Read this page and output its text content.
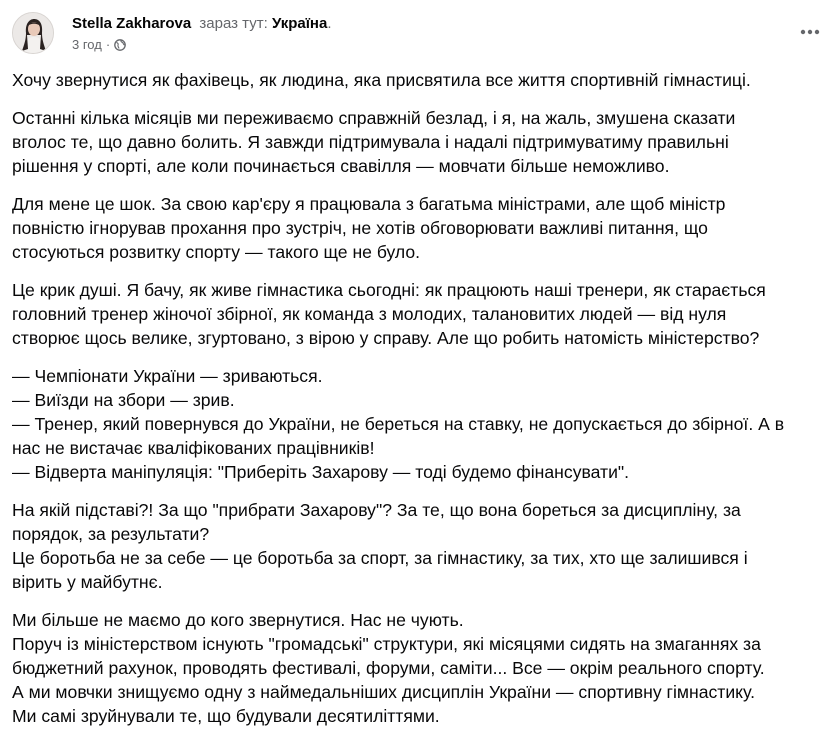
Stella Zakharova зараз тут: Україна.
3 год ·
Хочу звернутися як фахівець, як людина, яка присвятила все життя спортивній гімнастиці.
Останні кілька місяців ми переживаємо справжній безлад, і я, на жаль, змушена сказати
вголос те, що давно болить. Я завжди підтримувала і надалі підтримуватиму правильні
рішення у спорті, але коли починається свавілля — мовчати більше неможливо.
Для мене це шок. За свою кар'єру я працювала з багатьма міністрами, але щоб міністр
повністю ігнорував прохання про зустріч, не хотів обговорювати важливі питання, що
стосуються розвитку спорту — такого ще не було.
Це крик душі. Я бачу, як живе гімнастика сьогодні: як працюють наші тренери, як старається
головний тренер жіночої збірної, як команда з молодих, талановитих людей — від нуля
створює щось велике, згуртовано, з вірою у справу. Але що робить натомість міністерство?
— Чемпіонати України — зриваються.
— Виїзди на збори — зрив.
— Тренер, який повернувся до України, не береться на ставку, не допускається до збірної. А в
нас не вистачає кваліфікованих працівників!
— Відверта маніпуляція: "Приберіть Захарову — тоді будемо фінансувати".
На якій підставі?! За що "прибрати Захарову"? За те, що вона бореться за дисципліну, за
порядок, за результати?
Це боротьба не за себе — це боротьба за спорт, за гімнастику, за тих, хто ще залишився і
вірить у майбутнє.
Ми більше не маємо до кого звернутися. Нас не чують.
Поруч із міністерством існують "громадські" структури, які місяцями сидять на змаганнях за
бюджетний рахунок, проводять фестивалі, форуми, саміти... Все — окрім реального спорту.
А ми мовчки знищуємо одну з наймедальніших дисциплін України — спортивну гімнастику.
Ми самі зруйнували те, що будували десятиліттями.
